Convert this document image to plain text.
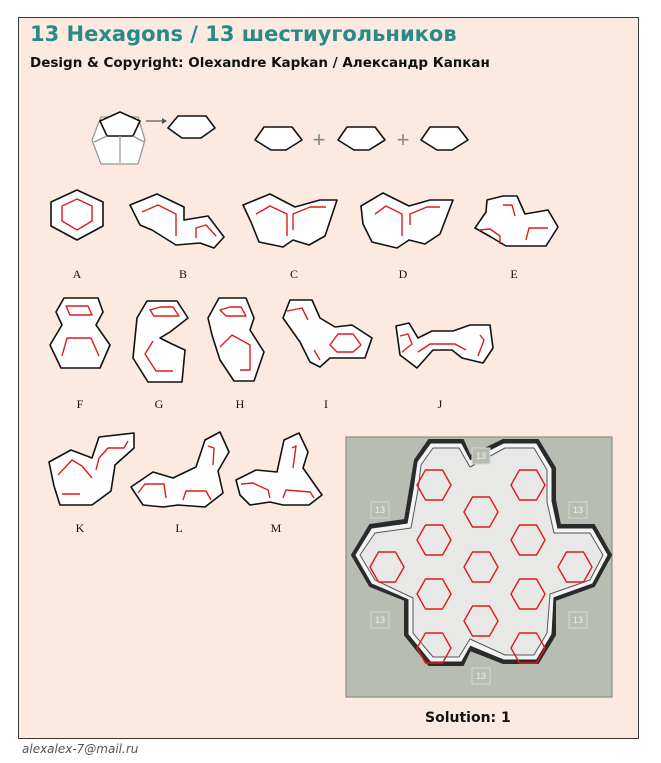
13 Hexagons / 13 шестиугольников
Design & Copyright: Olexandre Kapkan / Александр Капкан
+	+
A	B	C	D	E
F	G	H	I	J
K	L	M
13
13	13
13	13
13
Solution: 1
alexalex-7@mail.ru
